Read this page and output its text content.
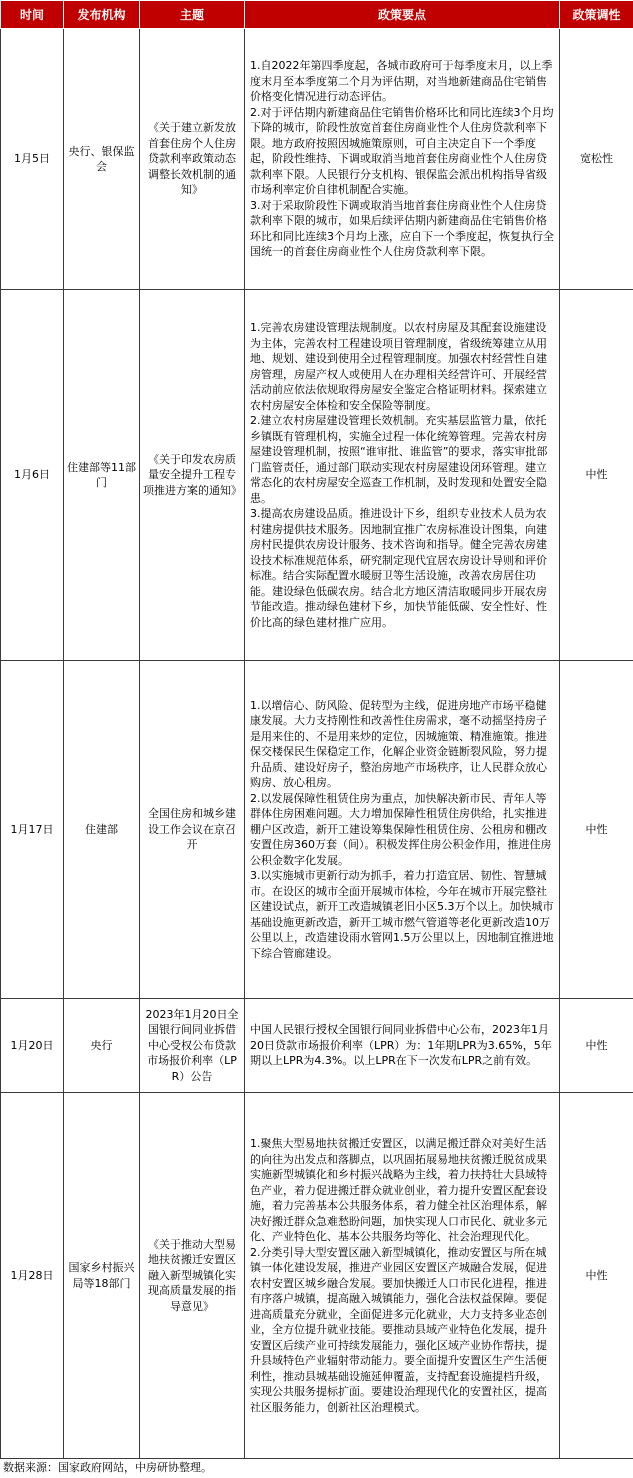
时间	发布机构	主题	政策要点	政策调性
1月5日	央行、银保监会	《关于建立新发放首套住房个人住房贷款利率政策动态调整长效机制的通知》	1.自2022年第四季度起，各城市政府可于每季度末月，以上季度末月至本季度第二个月为评估期，对当地新建商品住宅销售价格变化情况进行动态评估。
2.对于评估期内新建商品住宅销售价格环比和同比连续3个月均下降的城市，阶段性放宽首套住房商业性个人住房贷款利率下限。地方政府按照因城施策原则，可自主决定自下一个季度起，阶段性维持、下调或取消当地首套住房商业性个人住房贷款利率下限。人民银行分支机构、银保监会派出机构指导省级市场利率定价自律机制配合实施。
3.对于采取阶段性下调或取消当地首套住房商业性个人住房贷款利率下限的城市，如果后续评估期内新建商品住宅销售价格环比和同比连续3个月均上涨，应自下一个季度起，恢复执行全国统一的首套住房商业性个人住房贷款利率下限。	宽松性
1月6日	住建部等11部门	《关于印发农房质量安全提升工程专项推进方案的通知》	1.完善农房建设管理法规制度。以农村房屋及其配套设施建设为主体，完善农村工程建设项目管理制度，省级统筹建立从用地、规划、建设到使用全过程管理制度。加强农村经营性自建房管理，房屋产权人或使用人在办理相关经营许可、开展经营活动前应依法依规取得房屋安全鉴定合格证明材料。探索建立农村房屋安全体检和安全保险等制度。
2.建立农村房屋建设管理长效机制。充实基层监管力量，依托乡镇既有管理机构，实施全过程一体化统筹管理。完善农村房屋建设管理机制，按照“谁审批、谁监管”的要求，落实审批部门监管责任，通过部门联动实现农村房屋建设闭环管理。建立常态化的农村房屋安全巡查工作机制，及时发现和处置安全隐患。
3.提高农房建设品质。推进设计下乡，组织专业技术人员为农村建房提供技术服务。因地制宜推广农房标准设计图集，向建房村民提供农房设计服务、技术咨询和指导。健全完善农房建设技术标准规范体系，研究制定现代宜居农房设计导则和评价标准。结合实际配置水暖厨卫等生活设施，改善农房居住功能。建设绿色低碳农房。结合北方地区清洁取暖同步开展农房节能改造。推动绿色建材下乡，加快节能低碳、安全性好、性价比高的绿色建材推广应用。	中性
1月17日	住建部	全国住房和城乡建设工作会议在京召开	1.以增信心、防风险、促转型为主线，促进房地产市场平稳健康发展。大力支持刚性和改善性住房需求，毫不动摇坚持房子是用来住的、不是用来炒的定位，因城施策、精准施策。推进保交楼保民生保稳定工作，化解企业资金链断裂风险，努力提升品质、建设好房子，整治房地产市场秩序，让人民群众放心购房、放心租房。
2.以发展保障性租赁住房为重点，加快解决新市民、青年人等群体住房困难问题。大力增加保障性租赁住房供给，扎实推进棚户区改造，新开工建设筹集保障性租赁住房、公租房和棚改安置住房360万套（间）。积极发挥住房公积金作用，推进住房公积金数字化发展。
3.以实施城市更新行动为抓手，着力打造宜居、韧性、智慧城市。在设区的城市全面开展城市体检，今年在城市开展完整社区建设试点，新开工改造城镇老旧小区5.3万个以上。加快城市基础设施更新改造，新开工城市燃气管道等老化更新改造10万公里以上，改造建设雨水管网1.5万公里以上，因地制宜推进地下综合管廊建设。	中性
1月20日	央行	2023年1月20日全国银行间同业拆借中心受权公布贷款市场报价利率（LPR）公告	中国人民银行授权全国银行间同业拆借中心公布，2023年1月20日贷款市场报价利率（LPR）为：1年期LPR为3.65%，5年期以上LPR为4.3%。以上LPR在下一次发布LPR之前有效。	中性
1月28日	国家乡村振兴局等18部门	《关于推动大型易地扶贫搬迁安置区融入新型城镇化实现高质量发展的指导意见》	1.聚焦大型易地扶贫搬迁安置区，以满足搬迁群众对美好生活的向往为出发点和落脚点，以巩固拓展易地扶贫搬迁脱贫成果实施新型城镇化和乡村振兴战略为主线，着力扶持壮大县域特色产业，着力促进搬迁群众就业创业，着力提升安置区配套设施，着力完善基本公共服务体系，着力健全社区治理体系，解决好搬迁群众急难愁盼问题，加快实现人口市民化、就业多元化、产业特色化、基本公共服务均等化、社会治理现代化。
2.分类引导大型安置区融入新型城镇化，推动安置区与所在城镇一体化建设发展，推进产业园区安置区产城融合发展，促进农村安置区城乡融合发展。要加快搬迁人口市民化进程，推进有序落户城镇，提高融入城镇能力，强化合法权益保障。要促进高质量充分就业，全面促进多元化就业，大力支持多业态创业，全方位提升就业技能。要推动县域产业特色化发展，提升安置区后续产业可持续发展能力，强化区域产业协作帮扶，提升县域特色产业辐射带动能力。要全面提升安置区生产生活便利性，推动县城基础设施延伸覆盖，支持配套设施提档升级，实现公共服务提标扩面。要建设治理现代化的安置社区，提高社区服务能力，创新社区治理模式。	中性
数据来源：国家政府网站，中房研协整理。
